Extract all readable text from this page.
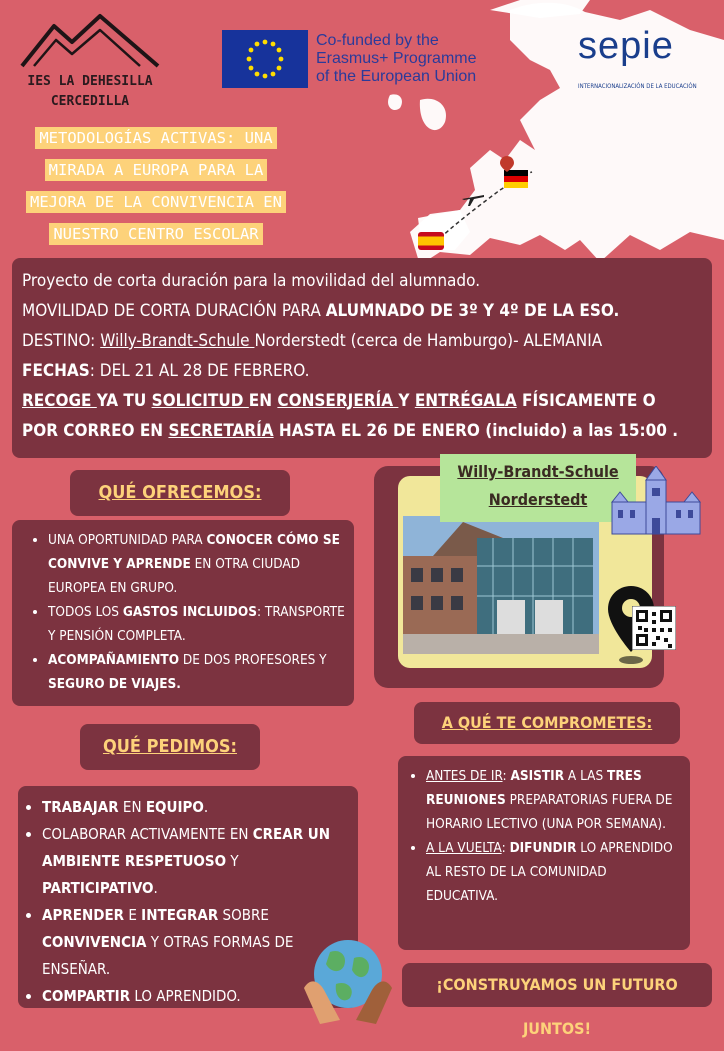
IES LA DEHESILLA
CERCEDILLA
Co-funded by the
Erasmus+ Programme
of the European Union
sepie
INTERNACIONALIZACIÓN DE LA EDUCACIÓN
METODOLOGÍAS ACTIVAS: UNA
MIRADA A EUROPA PARA LA
MEJORA DE LA CONVIVENCIA EN
NUESTRO CENTRO ESCOLAR
Proyecto de corta duración para la movilidad del alumnado.
MOVILIDAD DE CORTA DURACIÓN PARA ALUMNADO DE 3º Y 4º DE LA ESO.
DESTINO: Willy-Brandt-Schule Norderstedt (cerca de Hamburgo)- ALEMANIA
FECHAS: DEL 21 AL 28 DE FEBRERO.
RECOGE YA TU SOLICITUD EN CONSERJERÍA Y ENTRÉGALA FÍSICAMENTE O
POR CORREO EN SECRETARÍA HASTA EL 26 DE ENERO (incluido) a las 15:00 .
QUÉ OFRECEMOS:
• UNA OPORTUNIDAD PARA CONOCER CÓMO SE CONVIVE Y APRENDE EN OTRA CIUDAD EUROPEA EN GRUPO.
• TODOS LOS GASTOS INCLUIDOS: TRANSPORTE Y PENSIÓN COMPLETA.
• ACOMPAÑAMIENTO DE DOS PROFESORES Y SEGURO DE VIAJES.
Willy-Brandt-Schule
Norderstedt
A QUÉ TE COMPROMETES:
• ANTES DE IR: ASISTIR A LAS TRES REUNIONES PREPARATORIAS FUERA DE HORARIO LECTIVO (UNA POR SEMANA).
• A LA VUELTA: DIFUNDIR LO APRENDIDO AL RESTO DE LA COMUNIDAD EDUCATIVA.
QUÉ PEDIMOS:
• TRABAJAR EN EQUIPO.
• COLABORAR ACTIVAMENTE EN CREAR UN AMBIENTE RESPETUOSO Y PARTICIPATIVO.
• APRENDER E INTEGRAR SOBRE CONVIVENCIA Y OTRAS FORMAS DE ENSEÑAR.
• COMPARTIR LO APRENDIDO.
¡CONSTRUYAMOS UN FUTURO JUNTOS!
